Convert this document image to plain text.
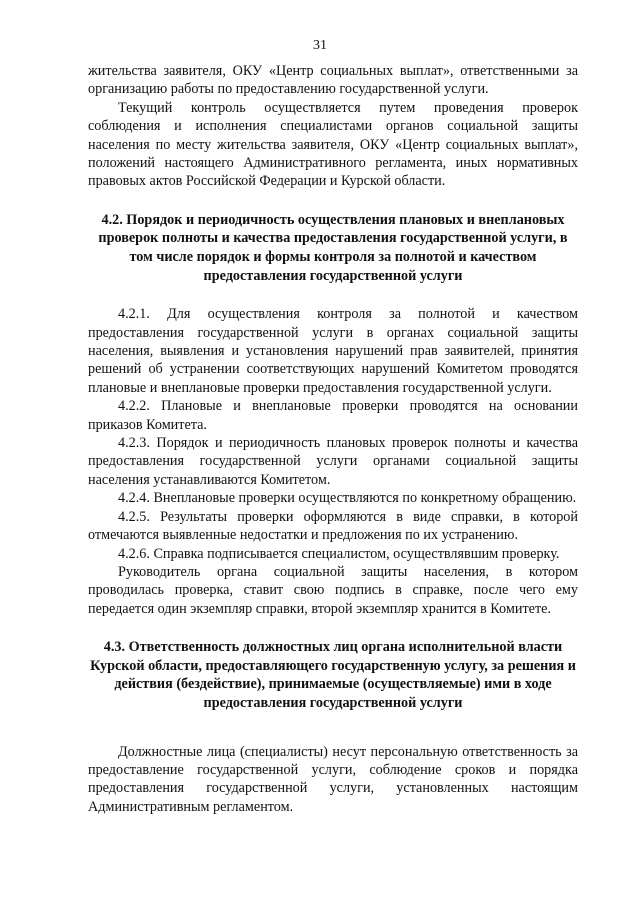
31

жительства заявителя, ОКУ «Центр социальных выплат», ответственными за организацию работы по предоставлению государственной услуги.

Текущий контроль осуществляется путем проведения проверок соблюдения и исполнения специалистами органов социальной защиты населения по месту жительства заявителя, ОКУ «Центр социальных выплат», положений настоящего Административного регламента, иных нормативных правовых актов Российской Федерации и Курской области.

4.2. Порядок и периодичность осуществления плановых и внеплановых проверок полноты и качества предоставления государственной услуги, в том числе порядок и формы контроля за полнотой и качеством предоставления государственной услуги

4.2.1. Для осуществления контроля за полнотой и качеством предоставления государственной услуги в органах социальной защиты населения, выявления и установления нарушений прав заявителей, принятия решений об устранении соответствующих нарушений Комитетом проводятся плановые и внеплановые проверки предоставления государственной услуги.

4.2.2. Плановые и внеплановые проверки проводятся на основании приказов Комитета.

4.2.3. Порядок и периодичность плановых проверок полноты и качества предоставления государственной услуги органами социальной защиты населения устанавливаются Комитетом.

4.2.4. Внеплановые проверки осуществляются по конкретному обращению.

4.2.5. Результаты проверки оформляются в виде справки, в которой отмечаются выявленные недостатки и предложения по их устранению.

4.2.6. Справка подписывается специалистом, осуществлявшим проверку.

Руководитель органа социальной защиты населения, в котором проводилась проверка, ставит свою подпись в справке, после чего ему передается один экземпляр справки, второй экземпляр хранится в Комитете.

4.3. Ответственность должностных лиц органа исполнительной власти Курской области, предоставляющего государственную услугу, за решения и действия (бездействие), принимаемые (осуществляемые) ими в ходе предоставления государственной услуги

Должностные лица (специалисты) несут персональную ответственность за предоставление государственной услуги, соблюдение сроков и порядка предоставления государственной услуги, установленных настоящим Административным регламентом.
